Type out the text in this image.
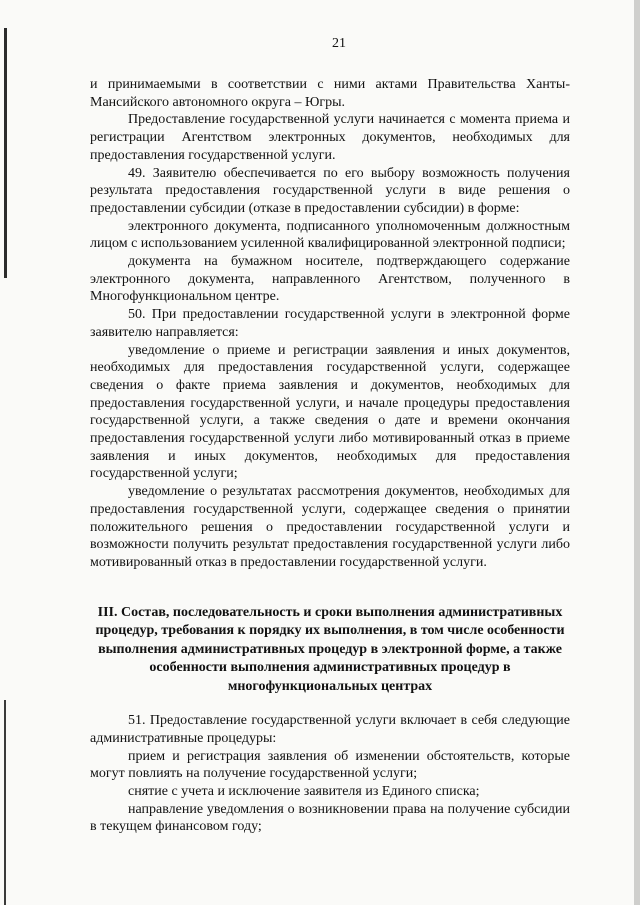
21

и принимаемыми в соответствии с ними актами Правительства Ханты-Мансийского автономного округа – Югры.

Предоставление государственной услуги начинается с момента приема и регистрации Агентством электронных документов, необходимых для предоставления государственной услуги.

49. Заявителю обеспечивается по его выбору возможность получения результата предоставления государственной услуги в виде решения о предоставлении субсидии (отказе в предоставлении субсидии) в форме:

электронного документа, подписанного уполномоченным должностным лицом с использованием усиленной квалифицированной электронной подписи;

документа на бумажном носителе, подтверждающего содержание электронного документа, направленного Агентством, полученного в Многофункциональном центре.

50. При предоставлении государственной услуги в электронной форме заявителю направляется:

уведомление о приеме и регистрации заявления и иных документов, необходимых для предоставления государственной услуги, содержащее сведения о факте приема заявления и документов, необходимых для предоставления государственной услуги, и начале процедуры предоставления государственной услуги, а также сведения о дате и времени окончания предоставления государственной услуги либо мотивированный отказ в приеме заявления и иных документов, необходимых для предоставления государственной услуги;

уведомление о результатах рассмотрения документов, необходимых для предоставления государственной услуги, содержащее сведения о принятии положительного решения о предоставлении государственной услуги и возможности получить результат предоставления государственной услуги либо мотивированный отказ в предоставлении государственной услуги.

III. Состав, последовательность и сроки выполнения административных процедур, требования к порядку их выполнения, в том числе особенности выполнения административных процедур в электронной форме, а также особенности выполнения административных процедур в многофункциональных центрах

51. Предоставление государственной услуги включает в себя следующие административные процедуры:

прием и регистрация заявления об изменении обстоятельств, которые могут повлиять на получение государственной услуги;

снятие с учета и исключение заявителя из Единого списка;

направление уведомления о возникновении права на получение субсидии в текущем финансовом году;
